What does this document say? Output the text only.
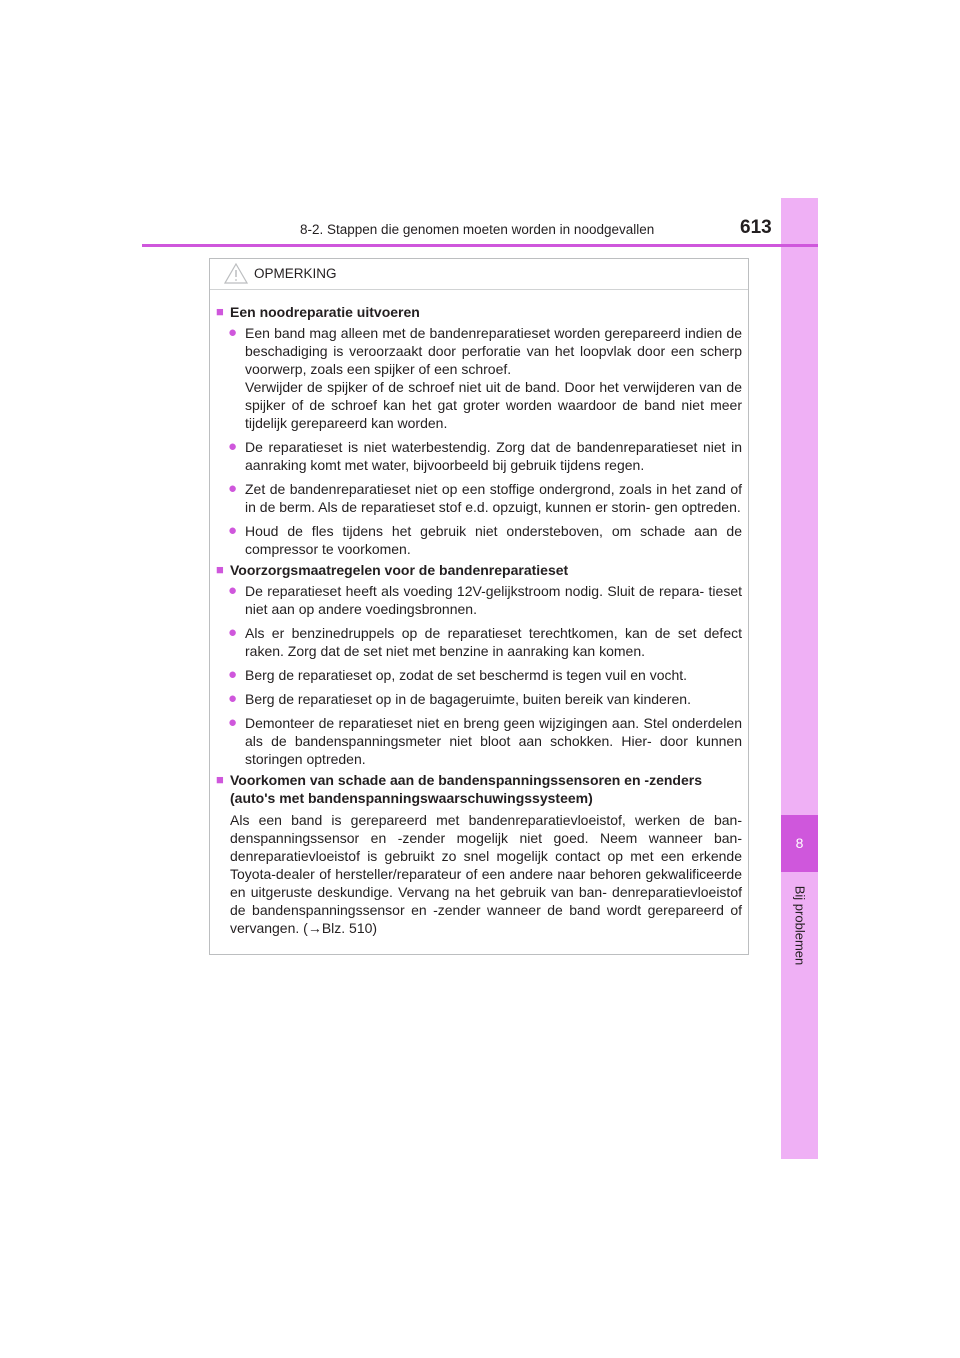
8
Bij problemen
8-2. Stappen die genomen moeten worden in noodgevallen	613
OPMERKING
■ Een noodreparatie uitvoeren
● Een band mag alleen met de bandenreparatieset worden gerepareerd indien de beschadiging is veroorzaakt door perforatie van het loopvlak door een scherp voorwerp, zoals een spijker of een schroef.
Verwijder de spijker of de schroef niet uit de band. Door het verwijderen van de spijker of de schroef kan het gat groter worden waardoor de band niet meer tijdelijk gerepareerd kan worden.
● De reparatieset is niet waterbestendig. Zorg dat de bandenreparatieset niet in aanraking komt met water, bijvoorbeeld bij gebruik tijdens regen.
● Zet de bandenreparatieset niet op een stoffige ondergrond, zoals in het zand of in de berm. Als de reparatieset stof e.d. opzuigt, kunnen er storin- gen optreden.
● Houd de fles tijdens het gebruik niet ondersteboven, om schade aan de compressor te voorkomen.
■ Voorzorgsmaatregelen voor de bandenreparatieset
● De reparatieset heeft als voeding 12V-gelijkstroom nodig. Sluit de repara- tieset niet aan op andere voedingsbronnen.
● Als er benzinedruppels op de reparatieset terechtkomen, kan de set defect raken. Zorg dat de set niet met benzine in aanraking kan komen.
● Berg de reparatieset op, zodat de set beschermd is tegen vuil en vocht.
● Berg de reparatieset op in de bagageruimte, buiten bereik van kinderen.
● Demonteer de reparatieset niet en breng geen wijzigingen aan. Stel onderdelen als de bandenspanningsmeter niet bloot aan schokken. Hier- door kunnen storingen optreden.
■ Voorkomen van schade aan de bandenspanningssensoren en -zenders (auto's met bandenspanningswaarschuwingssysteem)
Als een band is gerepareerd met bandenreparatievloeistof, werken de ban- denspanningssensor en -zender mogelijk niet goed. Neem wanneer ban- denreparatievloeistof is gebruikt zo snel mogelijk contact op met een erkende Toyota-dealer of hersteller/reparateur of een andere naar behoren gekwalificeerde en uitgeruste deskundige. Vervang na het gebruik van ban- denreparatievloeistof de bandenspanningssensor en -zender wanneer de band wordt gerepareerd of vervangen. (→Blz. 510)
